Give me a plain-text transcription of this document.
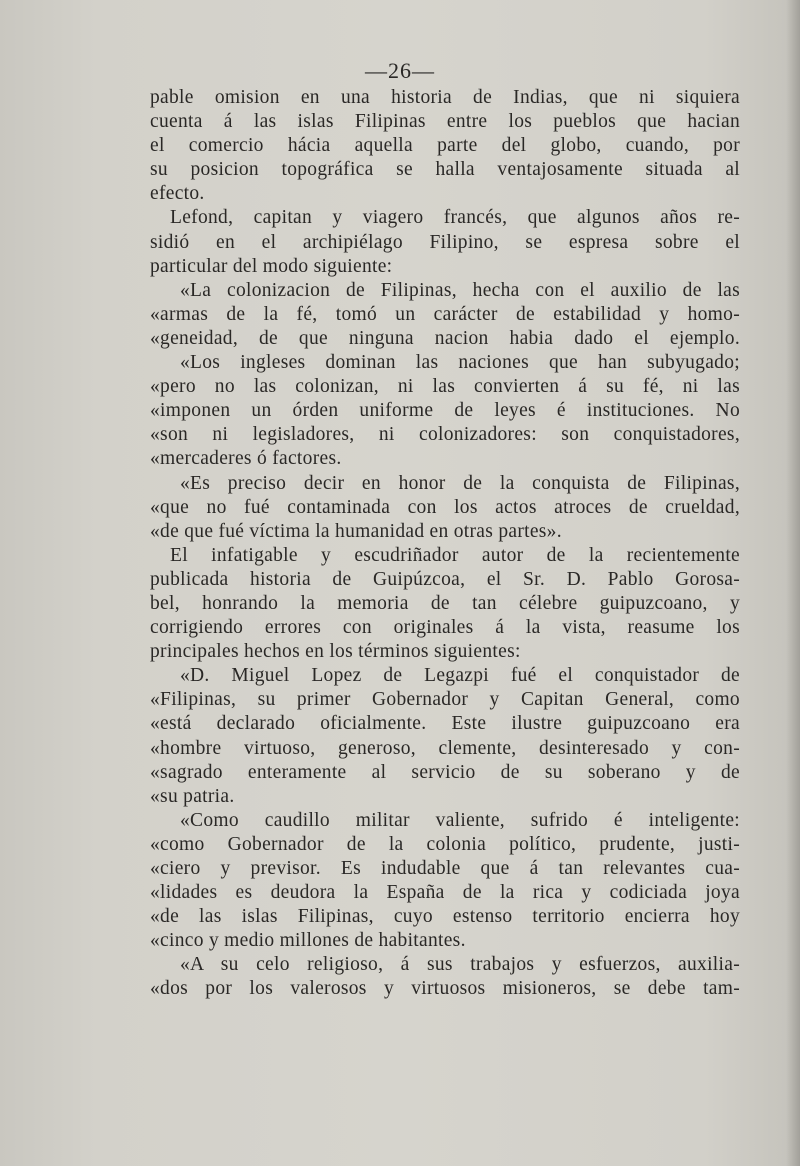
—26—
pable omision en una historia de Indias, que ni siquiera
cuenta á las islas Filipinas entre los pueblos que hacian
el comercio hácia aquella parte del globo, cuando, por
su posicion topográfica se halla ventajosamente situada al
efecto.
Lefond, capitan y viagero francés, que algunos años re-
sidió en el archipiélago Filipino, se espresa sobre el
particular del modo siguiente:
«La colonizacion de Filipinas, hecha con el auxilio de las
«armas de la fé, tomó un carácter de estabilidad y homo-
«geneidad, de que ninguna nacion habia dado el ejemplo.
«Los ingleses dominan las naciones que han subyugado;
«pero no las colonizan, ni las convierten á su fé, ni las
«imponen un órden uniforme de leyes é instituciones. No
«son ni legisladores, ni colonizadores: son conquistadores,
«mercaderes ó factores.
«Es preciso decir en honor de la conquista de Filipinas,
«que no fué contaminada con los actos atroces de crueldad,
«de que fué víctima la humanidad en otras partes».
El infatigable y escudriñador autor de la recientemente
publicada historia de Guipúzcoa, el Sr. D. Pablo Gorosa-
bel, honrando la memoria de tan célebre guipuzcoano, y
corrigiendo errores con originales á la vista, reasume los
principales hechos en los términos siguientes:
«D. Miguel Lopez de Legazpi fué el conquistador de
«Filipinas, su primer Gobernador y Capitan General, como
«está declarado oficialmente. Este ilustre guipuzcoano era
«hombre virtuoso, generoso, clemente, desinteresado y con-
«sagrado enteramente al servicio de su soberano y de
«su patria.
«Como caudillo militar valiente, sufrido é inteligente:
«como Gobernador de la colonia político, prudente, justi-
«ciero y previsor. Es indudable que á tan relevantes cua-
«lidades es deudora la España de la rica y codiciada joya
«de las islas Filipinas, cuyo estenso territorio encierra hoy
«cinco y medio millones de habitantes.
«A su celo religioso, á sus trabajos y esfuerzos, auxilia-
«dos por los valerosos y virtuosos misioneros, se debe tam-
